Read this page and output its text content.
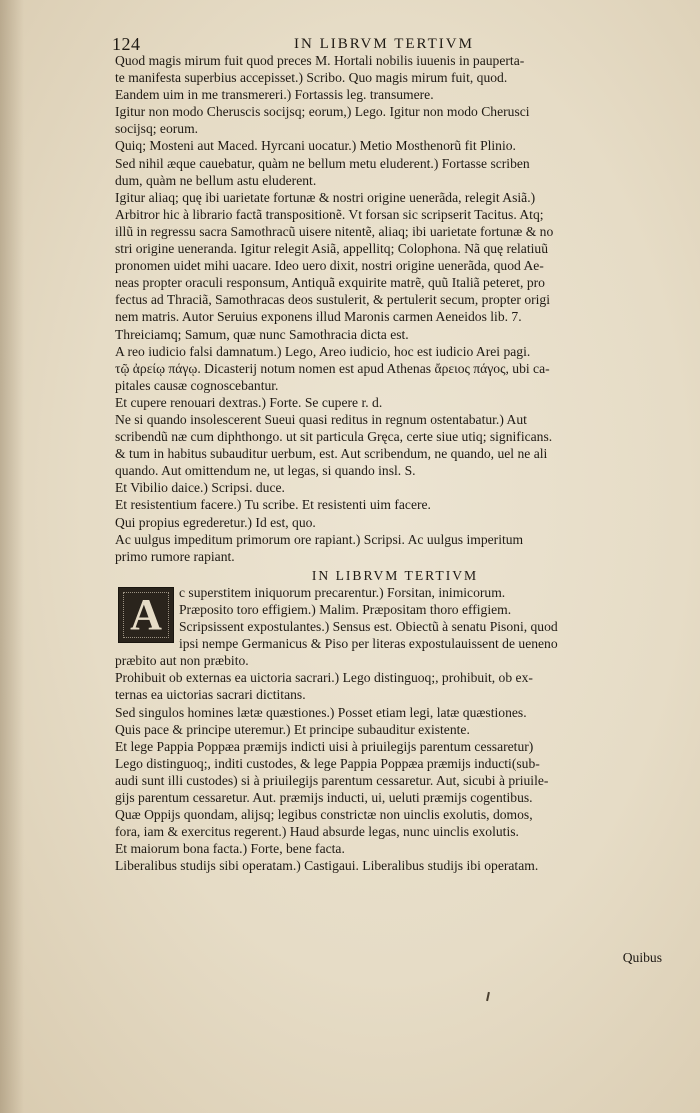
124	IN LIBRVM TERTIVM
Quod magis mirum fuit quod preces M. Hortali nobilis iuuenis in pauperta-
te manifesta superbius accepisset.) Scribo. Quo magis mirum fuit, quod.
Eandem uim in me transmereri.) Fortassis leg. transumere.
Igitur non modo Cheruscis socijsq; eorum,) Lego. Igitur non modo Cherusci
socijsq; eorum.
Quiq; Mosteni aut Maced. Hyrcani uocatur.) Metio Mosthenorũ fit Plinio.
Sed nihil æque cauebatur, quàm ne bellum metu eluderent.) Fortasse scriben
dum, quàm ne bellum astu eluderent.
Igitur aliaq; quę ibi uarietate fortunæ & nostri origine uenerãda, relegit Asiã.)
Arbitror hic à librario factã transpositionẽ. Vt forsan sic scripserit Tacitus. Atq;
illũ in regressu sacra Samothracũ uisere nitentẽ, aliaq; ibi uarietate fortunæ & no
stri origine ueneranda. Igitur relegit Asiã, appellitq; Colophona. Nã quę relatiuũ
pronomen uidet mihi uacare. Ideo uero dixit, nostri origine uenerãda, quod Ae-
neas propter oraculi responsum, Antiquã exquirite matrẽ, quũ Italiã peteret, pro
fectus ad Thraciã, Samothracas deos sustulerit, & pertulerit secum, propter origi
nem matris. Autor Seruius exponens illud Maronis carmen Aeneidos lib. 7.
Threiciamq; Samum, quæ nunc Samothracia dicta est.
A reo iudicio falsi damnatum.) Lego, Areo iudicio, hoc est iudicio Arei pagi.
τῷ ἀρείῳ πάγῳ. Dicasterij notum nomen est apud Athenas ἄρειος πάγος, ubi ca-
pitales causæ cognoscebantur.
Et cupere renouari dextras.) Forte. Se cupere r. d.
Ne si quando insolescerent Sueui quasi reditus in regnum ostentabatur.) Aut
scribendũ næ cum diphthongo. ut sit particula Gręca, certe siue utiq; significans.
& tum in habitus subauditur uerbum, est. Aut scribendum, ne quando, uel ne ali
quando. Aut omittendum ne, ut legas, si quando insl. S.
Et Vibilio daice.) Scripsi. duce.
Et resistentium facere.) Tu scribe. Et resistenti uim facere.
Qui propius egrederetur.) Id est, quo.
Ac uulgus impeditum primorum ore rapiant.) Scripsi. Ac uulgus imperitum
primo rumore rapiant.
IN LIBRVM TERTIVM
A	c superstitem iniquorum precarentur.) Forsitan, inimicorum.
Præposito toro effigiem.) Malim. Præpositam thoro effigiem.
Scripsissent expostulantes.) Sensus est. Obiectũ à senatu Pisoni, quod
ipsi nempe Germanicus & Piso per literas expostulauissent de ueneno
præbito aut non præbito.
Prohibuit ob externas ea uictoria sacrari.) Lego distinguoq;, prohibuit, ob ex-
ternas ea uictorias sacrari dictitans.
Sed singulos homines lætæ quæstiones.) Posset etiam legi, latæ quæstiones.
Quis pace & principe uteremur.) Et principe subauditur existente.
Et lege Pappia Poppæa præmijs indicti uisi à priuilegijs parentum cessaretur)
Lego distinguoq;, inditi custodes, & lege Pappia Poppæa præmijs inducti(sub-
audi sunt illi custodes) si à priuilegijs parentum cessaretur. Aut, sicubi à priuile-
gijs parentum cessaretur. Aut. præmijs inducti, ui, ueluti præmijs cogentibus.
Quæ Oppijs quondam, alijsq; legibus constrictæ non uinclis exolutis, domos,
fora, iam & exercitus regerent.) Haud absurde legas, nunc uinclis exolutis.
Et maiorum bona facta.) Forte, bene facta.
Liberalibus studijs sibi operatam.) Castigaui. Liberalibus studijs ibi operatam.
Quibus
